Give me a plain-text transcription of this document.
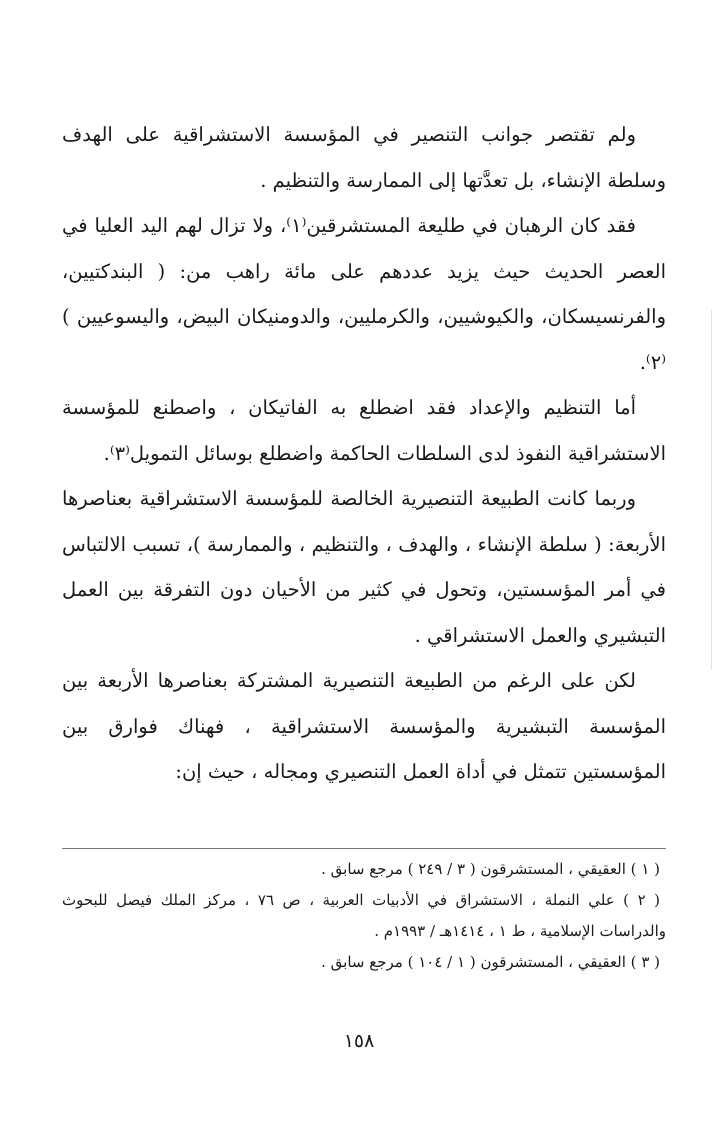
ولم تقتصر جوانب التنصير في المؤسسة الاستشراقية على الهدف وسلطة الإنشاء، بل تعدَّتها إلى الممارسة والتنظيم .

فقد كان الرهبان في طليعة المستشرقين⁽١⁾، ولا تزال لهم اليد العليا في العصر الحديث حيث يزيد عددهم على مائة راهب من: ( البندكتيين، والفرنسيسكان، والكيوشيين، والكرمليين، والدومنيكان البيض، واليسوعيين )⁽٢⁾.

أما التنظيم والإعداد فقد اضطلع به الفاتيكان ، واصطنع للمؤسسة الاستشراقية النفوذ لدى السلطات الحاكمة واضطلع بوسائل التمويل⁽٣⁾.

وربما كانت الطبيعة التنصيرية الخالصة للمؤسسة الاستشراقية بعناصرها الأربعة: ( سلطة الإنشاء ، والهدف ، والتنظيم ، والممارسة )، تسبب الالتباس في أمر المؤسستين، وتحول في كثير من الأحيان دون التفرقة بين العمل التبشيري والعمل الاستشراقي .

لكن على الرغم من الطبيعة التنصيرية المشتركة بعناصرها الأربعة بين المؤسسة التبشيرية والمؤسسة الاستشراقية ، فهناك فوارق بين المؤسستين تتمثل في أداة العمل التنصيري ومجاله ، حيث إن:

( ١ ) العقيقي ، المستشرقون ( ٣ / ٢٤٩ ) مرجع سابق .

( ٢ ) علي النملة ، الاستشراق في الأدبيات العربية ، ص ٧٦ ، مركز الملك فيصل للبحوث والدراسات الإسلامية ، ط ١ ، ١٤١٤هـ / ١٩٩٣م .

( ٣ ) العقيقي ، المستشرقون ( ١ / ١٠٤ ) مرجع سابق .

١٥٨
